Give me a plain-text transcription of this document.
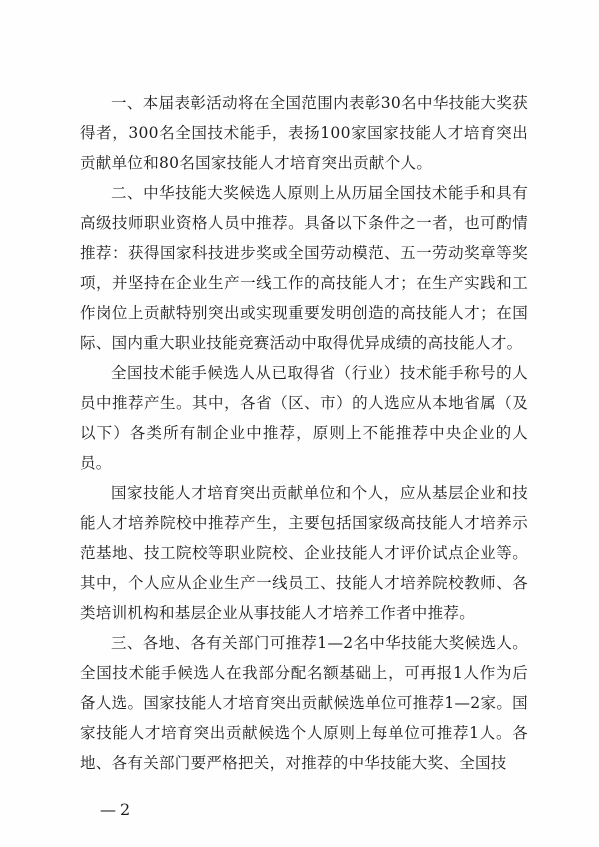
一、本届表彰活动将在全国范围内表彰30名中华技能大奖获得者，300名全国技术能手，表扬100家国家技能人才培育突出贡献单位和80名国家技能人才培育突出贡献个人。

二、中华技能大奖候选人原则上从历届全国技术能手和具有高级技师职业资格人员中推荐。具备以下条件之一者，也可酌情推荐：获得国家科技进步奖或全国劳动模范、五一劳动奖章等奖项，并坚持在企业生产一线工作的高技能人才；在生产实践和工作岗位上贡献特别突出或实现重要发明创造的高技能人才；在国际、国内重大职业技能竞赛活动中取得优异成绩的高技能人才。

全国技术能手候选人从已取得省（行业）技术能手称号的人员中推荐产生。其中，各省（区、市）的人选应从本地省属（及以下）各类所有制企业中推荐，原则上不能推荐中央企业的人员。

国家技能人才培育突出贡献单位和个人，应从基层企业和技能人才培养院校中推荐产生，主要包括国家级高技能人才培养示范基地、技工院校等职业院校、企业技能人才评价试点企业等。其中，个人应从企业生产一线员工、技能人才培养院校教师、各类培训机构和基层企业从事技能人才培养工作者中推荐。

三、各地、各有关部门可推荐1—2名中华技能大奖候选人。全国技术能手候选人在我部分配名额基础上，可再报1人作为后备人选。国家技能人才培育突出贡献候选单位可推荐1—2家。国家技能人才培育突出贡献候选个人原则上每单位可推荐1人。各地、各有关部门要严格把关，对推荐的中华技能大奖、全国技

— 2
